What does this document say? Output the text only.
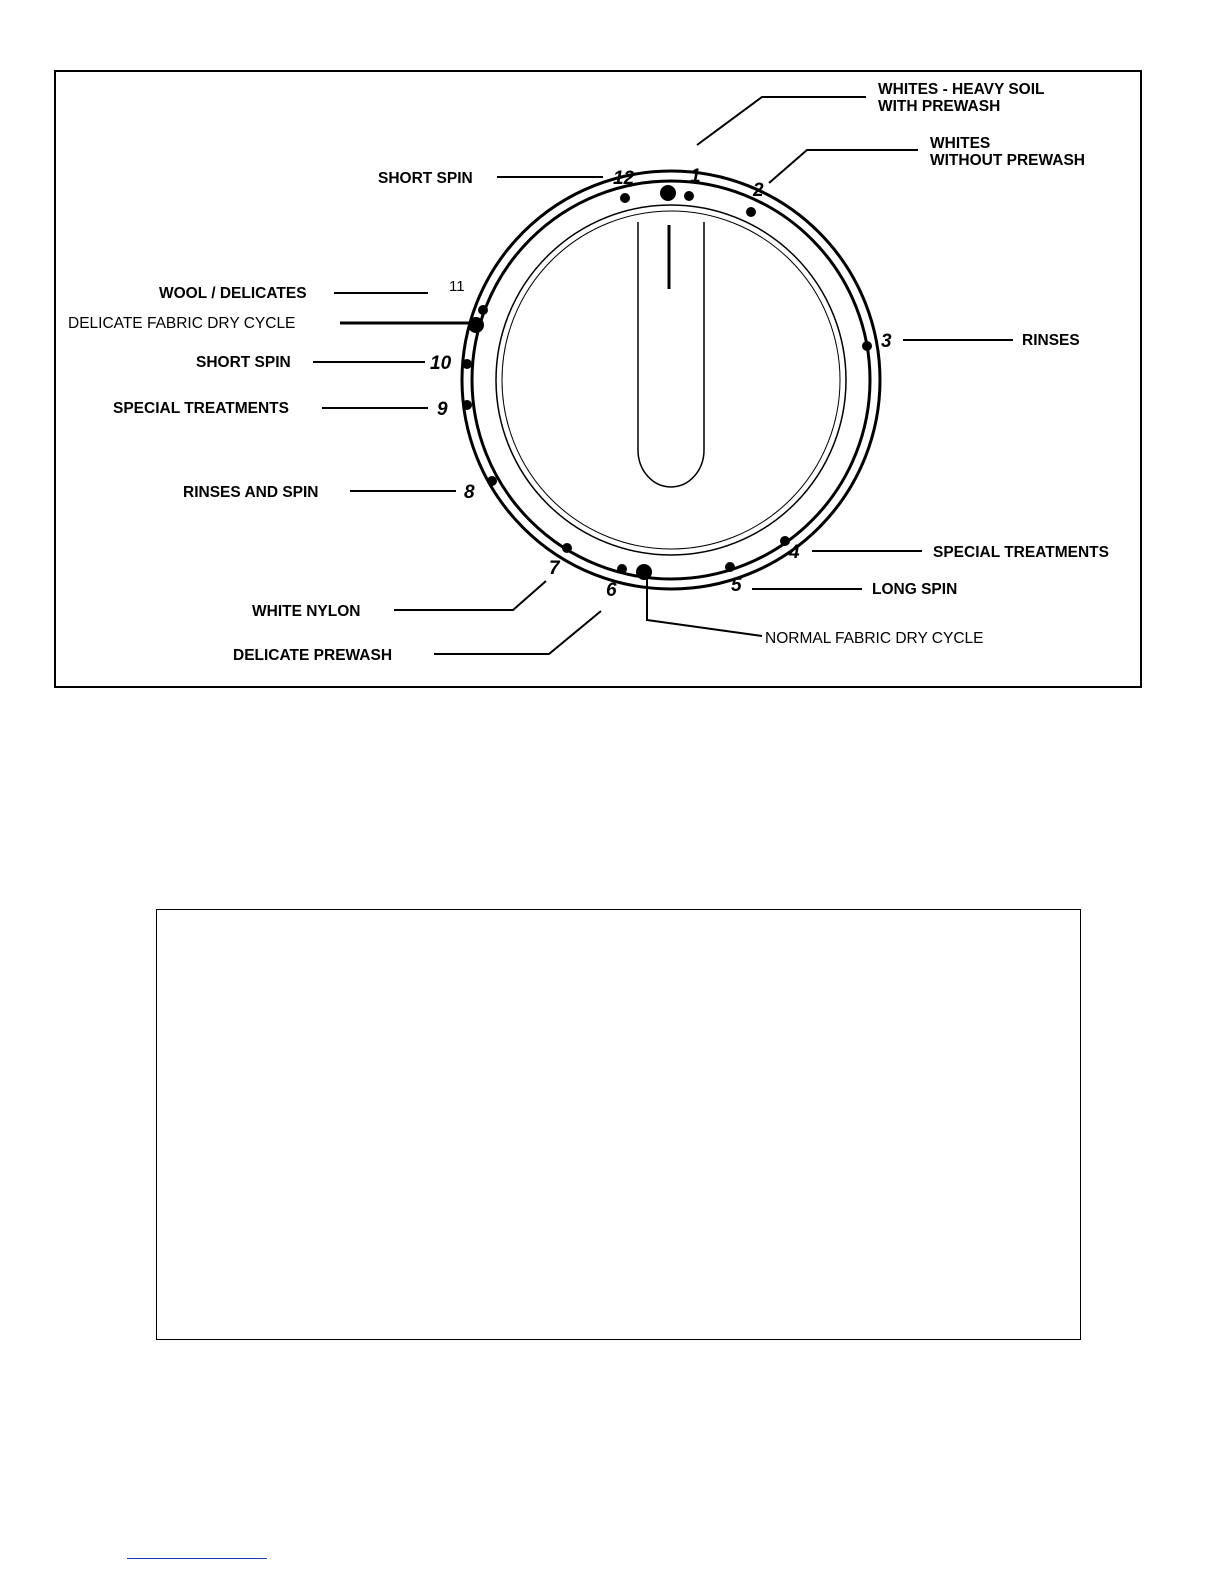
12	1
2
3
4
5
6
7
8
9
10
11
WHITES - HEAVY SOIL
WITH PREWASH
WHITES
WITHOUT PREWASH
SHORT SPIN
RINSES
WOOL / DELICATES
DELICATE FABRIC DRY CYCLE
SHORT SPIN
SPECIAL TREATMENTS
RINSES AND SPIN
SPECIAL TREATMENTS
LONG SPIN
WHITE NYLON
NORMAL FABRIC DRY CYCLE
DELICATE PREWASH
